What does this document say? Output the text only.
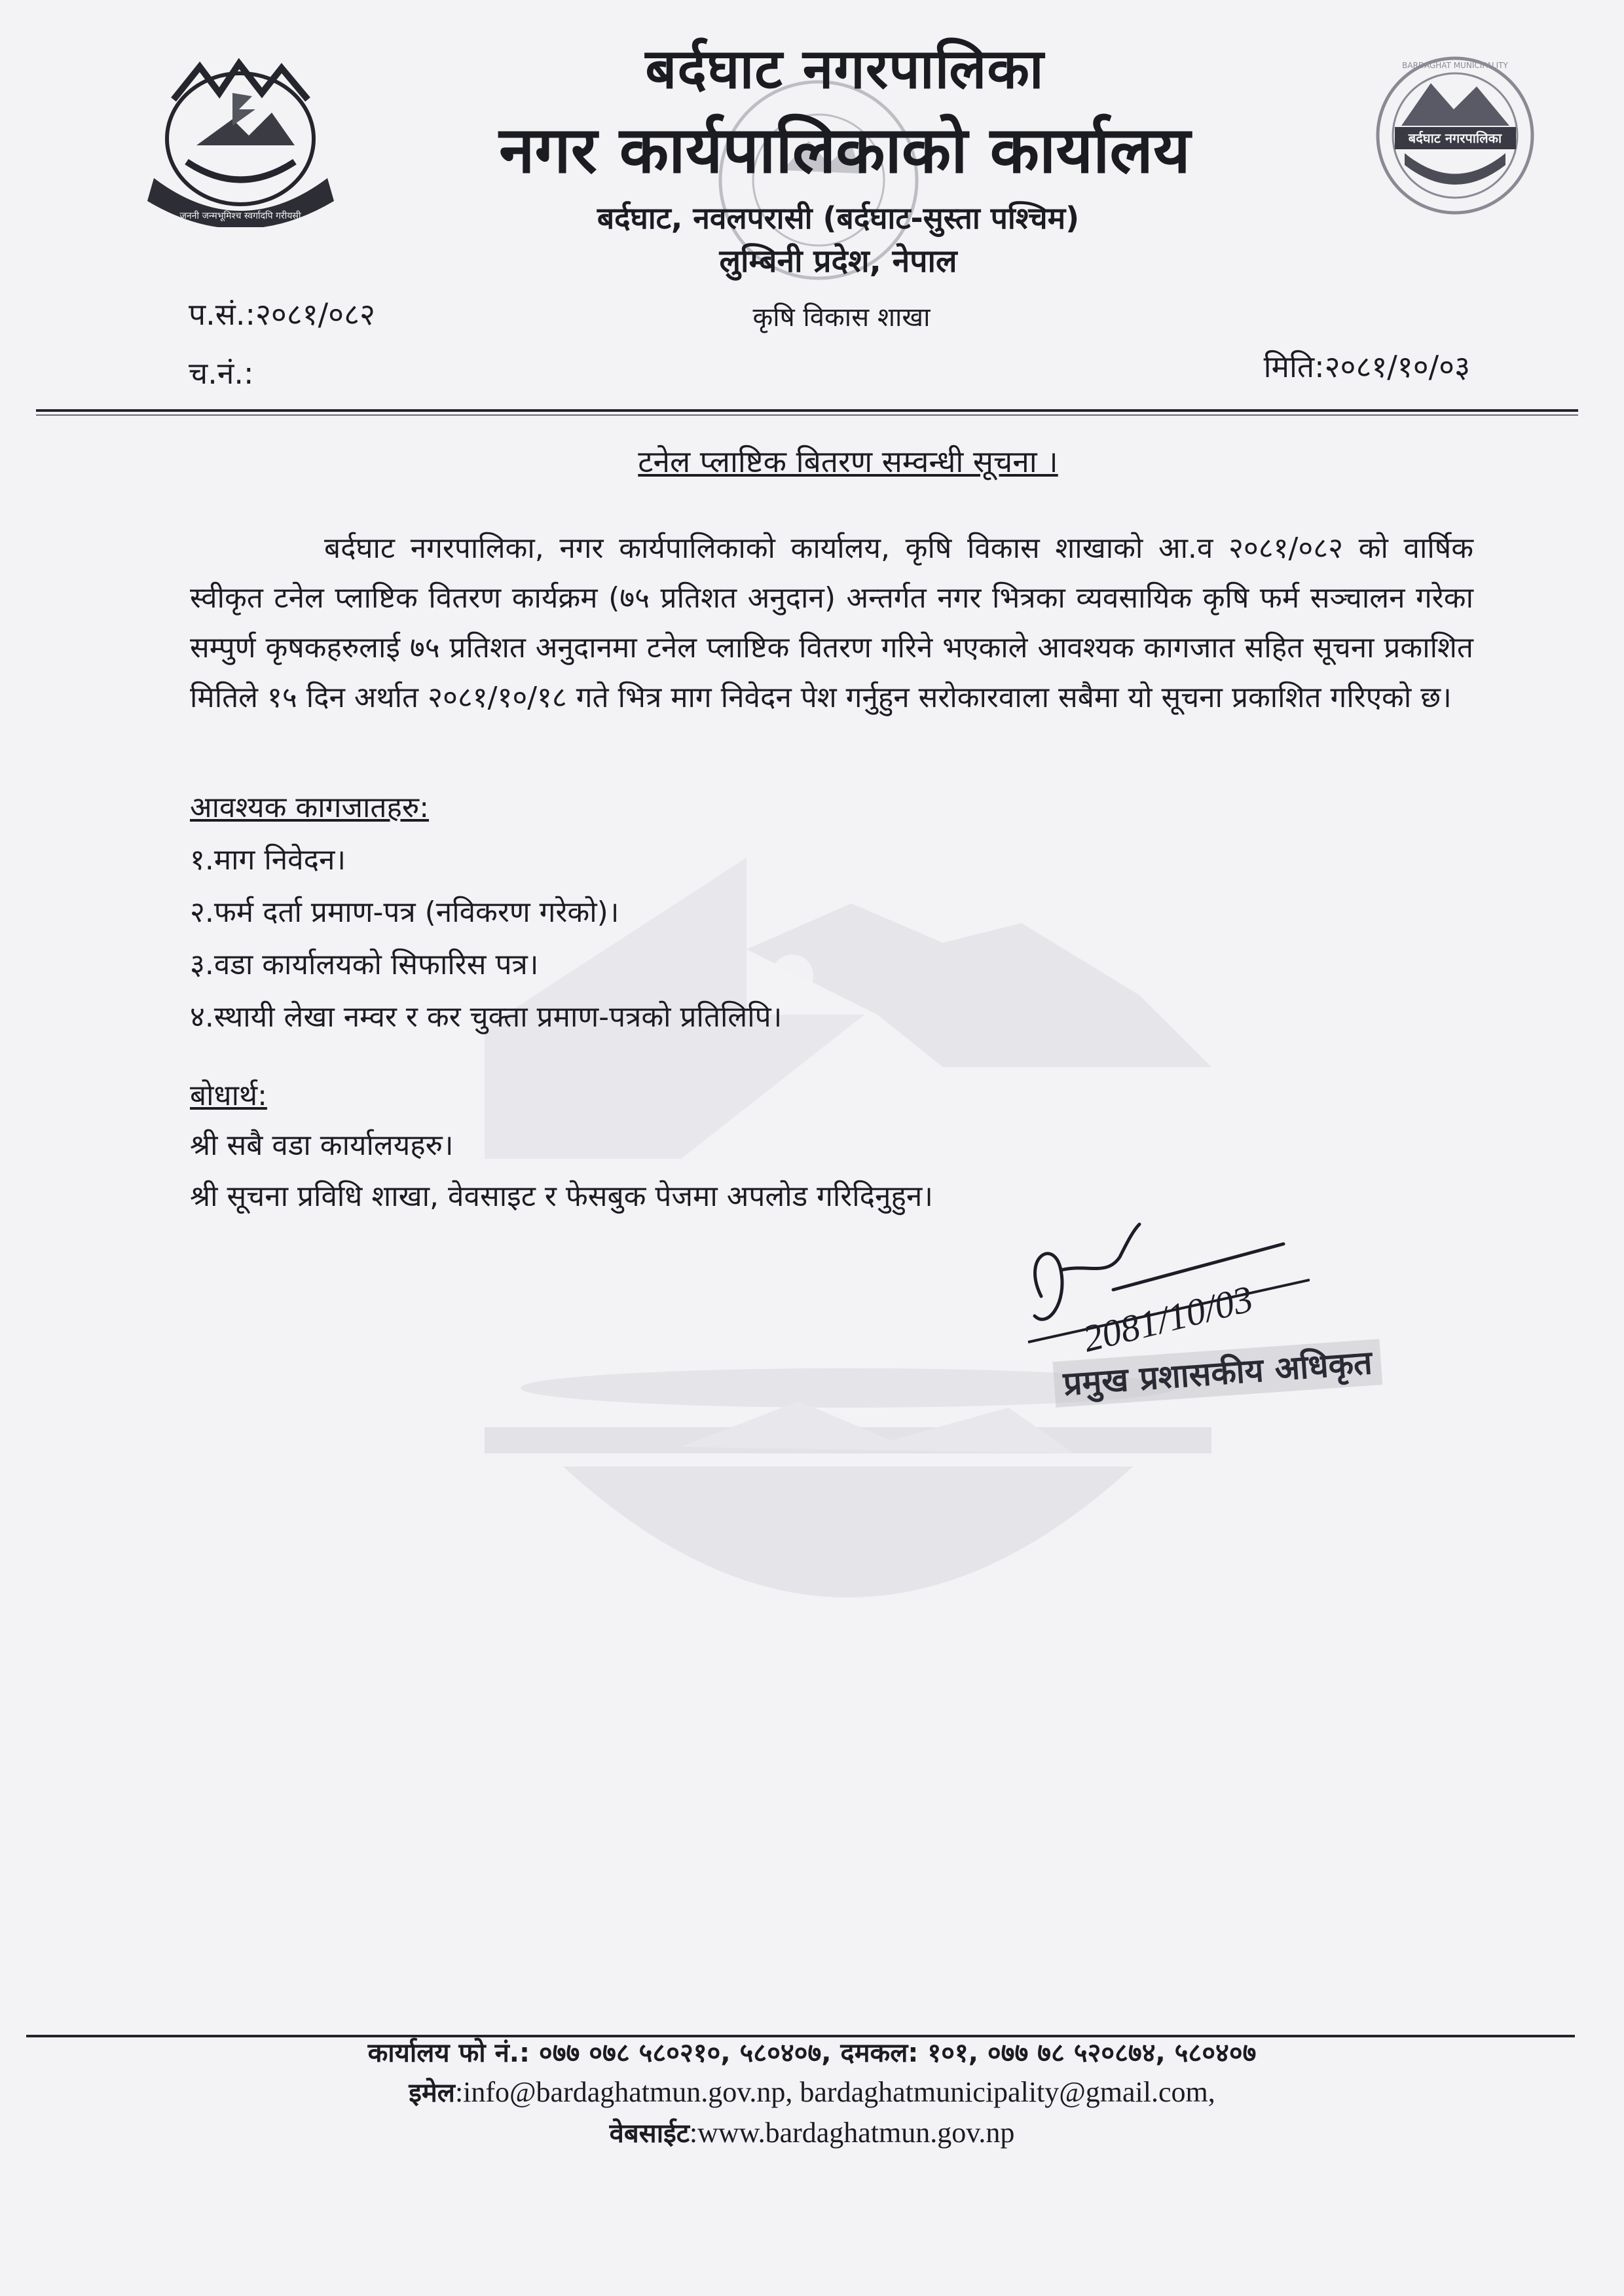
जननी जन्मभूमिश्च स्वर्गादपि गरीयसी
बर्दघाट नगरपालिका
BARDAGHAT MUNICIPALITY
बर्दघाट नगरपालिका
नगर कार्यपालिकाको कार्यालय
बर्दघाट, नवलपरासी (बर्दघाट-सुस्ता पश्चिम)
लुम्बिनी प्रदेश, नेपाल
प.सं.:२०८१/०८२	कृषि विकास शाखा
च.नं.:	मिति:२०८१/१०/०३
टनेल प्लाष्टिक बितरण सम्वन्धी सूचना ।

बर्दघाट नगरपालिका, नगर कार्यपालिकाको कार्यालय, कृषि विकास शाखाको आ.व २०८१/०८२ को वार्षिक स्वीकृत टनेल प्लाष्टिक वितरण कार्यक्रम (७५ प्रतिशत अनुदान) अन्तर्गत नगर भित्रका व्यवसायिक कृषि फर्म सञ्चालन गरेका सम्पुर्ण कृषकहरुलाई ७५ प्रतिशत अनुदानमा टनेल प्लाष्टिक वितरण गरिने भएकाले आवश्यक कागजात सहित सूचना प्रकाशित मितिले १५ दिन अर्थात २०८१/१०/१८ गते भित्र माग निवेदन पेश गर्नुहुन सरोकारवाला सबैमा यो सूचना प्रकाशित गरिएको छ।

आवश्यक कागजातहरु:
१.माग निवेदन।
२.फर्म दर्ता प्रमाण-पत्र (नविकरण गरेको)।
३.वडा कार्यालयको सिफारिस पत्र।
४.स्थायी लेखा नम्वर र कर चुक्ता प्रमाण-पत्रको प्रतिलिपि।
बोधार्थ:
श्री सबै वडा कार्यालयहरु।
श्री सूचना प्रविधि शाखा, वेवसाइट र फेसबुक पेजमा अपलोड गरिदिनुहुन।
2081/10/03
प्रमुख प्रशासकीय अधिकृत
कार्यालय फो नं.: ०७७ ०७८ ५८०२१०, ५८०४०७, दमकल: १०१, ०७७ ७८ ५२०८७४, ५८०४०७
इमेल:info@bardaghatmun.gov.np, bardaghatmunicipality@gmail.com,
वेबसाईट:www.bardaghatmun.gov.np
